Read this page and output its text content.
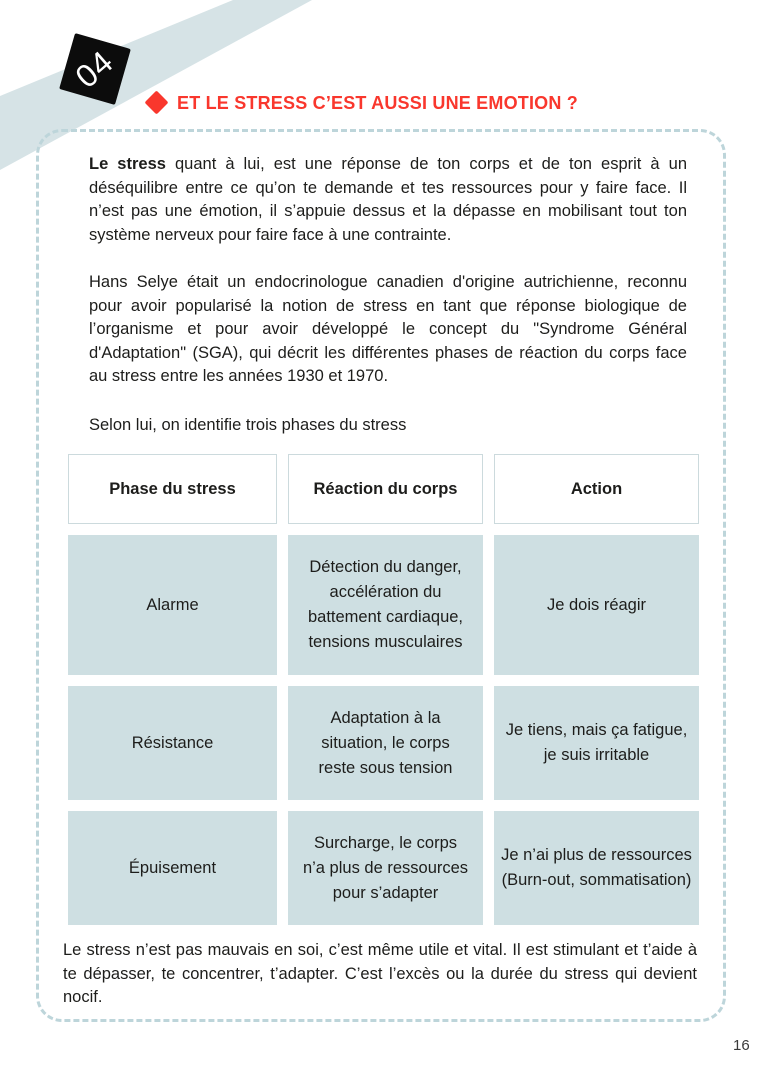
04
ET LE STRESS C’EST AUSSI UNE EMOTION ?

Le stress quant à lui, est une réponse de ton corps et de ton esprit à un déséquilibre entre ce qu’on te demande et tes ressources pour y faire face. Il n’est pas une émotion, il s’appuie dessus et la dépasse en mobilisant tout ton système nerveux pour faire face à une contrainte.

Hans Selye était un endocrinologue canadien d'origine autrichienne, reconnu pour avoir popularisé la notion de stress en tant que réponse biologique de l’organisme et pour avoir développé le concept du "Syndrome Général d'Adaptation" (SGA), qui décrit les différentes phases de réaction du corps face au stress entre les années 1930 et 1970.

Selon lui, on identifie trois phases du stress

Phase du stress	Réaction du corps	Action
Alarme
Détection du danger, accélération du battement cardiaque, tensions musculaires
Je dois réagir
Résistance
Adaptation à la situation, le corps reste sous tension
Je tiens, mais ça fatigue, je suis irritable
Épuisement
Surcharge, le corps n’a plus de ressources pour s’adapter
Je n’ai plus de ressources (Burn-out, sommatisation)

Le stress n’est pas mauvais en soi, c’est même utile et vital. Il est stimulant et t’aide à te dépasser, te concentrer, t’adapter. C’est l’excès ou la durée du stress qui devient nocif.

16
